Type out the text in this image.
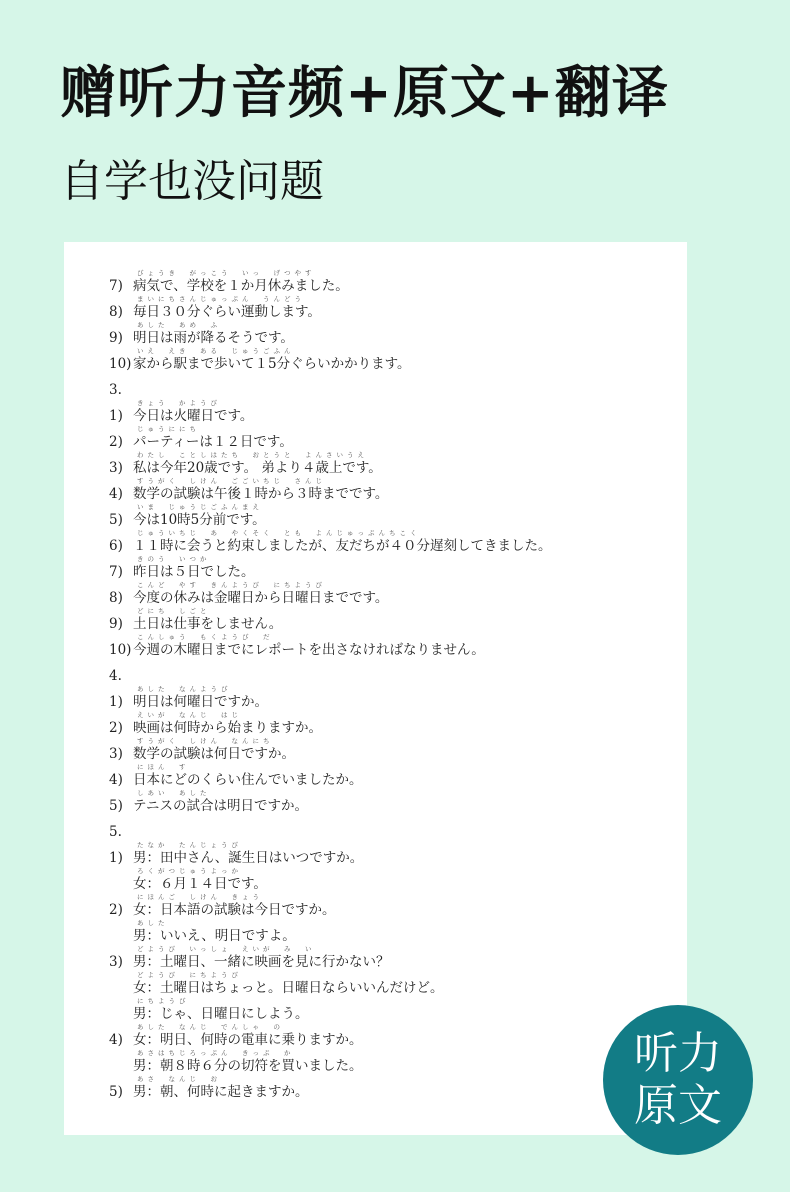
赠听力音频+原文+翻译
自学也没问题
びょうき　がっこう　いっ　げつやす
7) 病気で、学校を１か月休みました。
まいにちさんじゅっぷん　うんどう
8) 毎日３０分ぐらい運動します。
あした　あめ　ふ
9) 明日は雨が降るそうです。
いえ　えき　ある　じゅうごふん
10) 家から駅まで歩いて１5分ぐらいかかります。
3.
きょう　かようび
1) 今日は火曜日です。
じゅうににち
2) パーティーは１２日です。
わたし　ことしはたち　おとうと　よんさいうえ
3) 私は今年20歳です。 弟より４歳上です。
すうがく　しけん　ごごいちじ　さんじ
4) 数学の試験は午後１時から３時までです。
いま　じゅうじごふんまえ
5) 今は10時5分前です。
じゅういちじ　あ　やくそく　とも　よんじゅっぷんちこく
6) １１時に会うと約束しましたが、友だちが４０分遅刻してきました。
きのう　いつか
7) 昨日は５日でした。
こんど　やす　きんようび　にちようび
8) 今度の休みは金曜日から日曜日までです。
どにち　しごと
9) 土日は仕事をしません。
こんしゅう　もくようび　だ
10) 今週の木曜日までにレポートを出さなければなりません。
4.
あした　なんようび
1) 明日は何曜日ですか。
えいが　なんじ　はじ
2) 映画は何時から始まりますか。
すうがく　しけん　なんにち
3) 数学の試験は何日ですか。
にほん　す
4) 日本にどのくらい住んでいましたか。
しあい　あした
5) テニスの試合は明日ですか。
5.
たなか　たんじょうび
1) 男：田中さん、誕生日はいつですか。
ろくがつじゅうよっか
女：６月１４日です。
にほんご　しけん　きょう
2) 女：日本語の試験は今日ですか。
あした
男：いいえ、明日ですよ。
どようび　いっしょ　えいが　み　い
3) 男：土曜日、一緒に映画を見に行かない？
どようび　にちようび
女：土曜日はちょっと。日曜日ならいいんだけど。
にちようび
男：じゃ、日曜日にしよう。
あした　なんじ　でんしゃ　の
4) 女：明日、何時の電車に乗りますか。
あさはちじろっぷん　きっぷ　か
男：朝８時６分の切符を買いました。
あさ　なんじ　お
5) 男：朝、何時に起きますか。
听力
原文
